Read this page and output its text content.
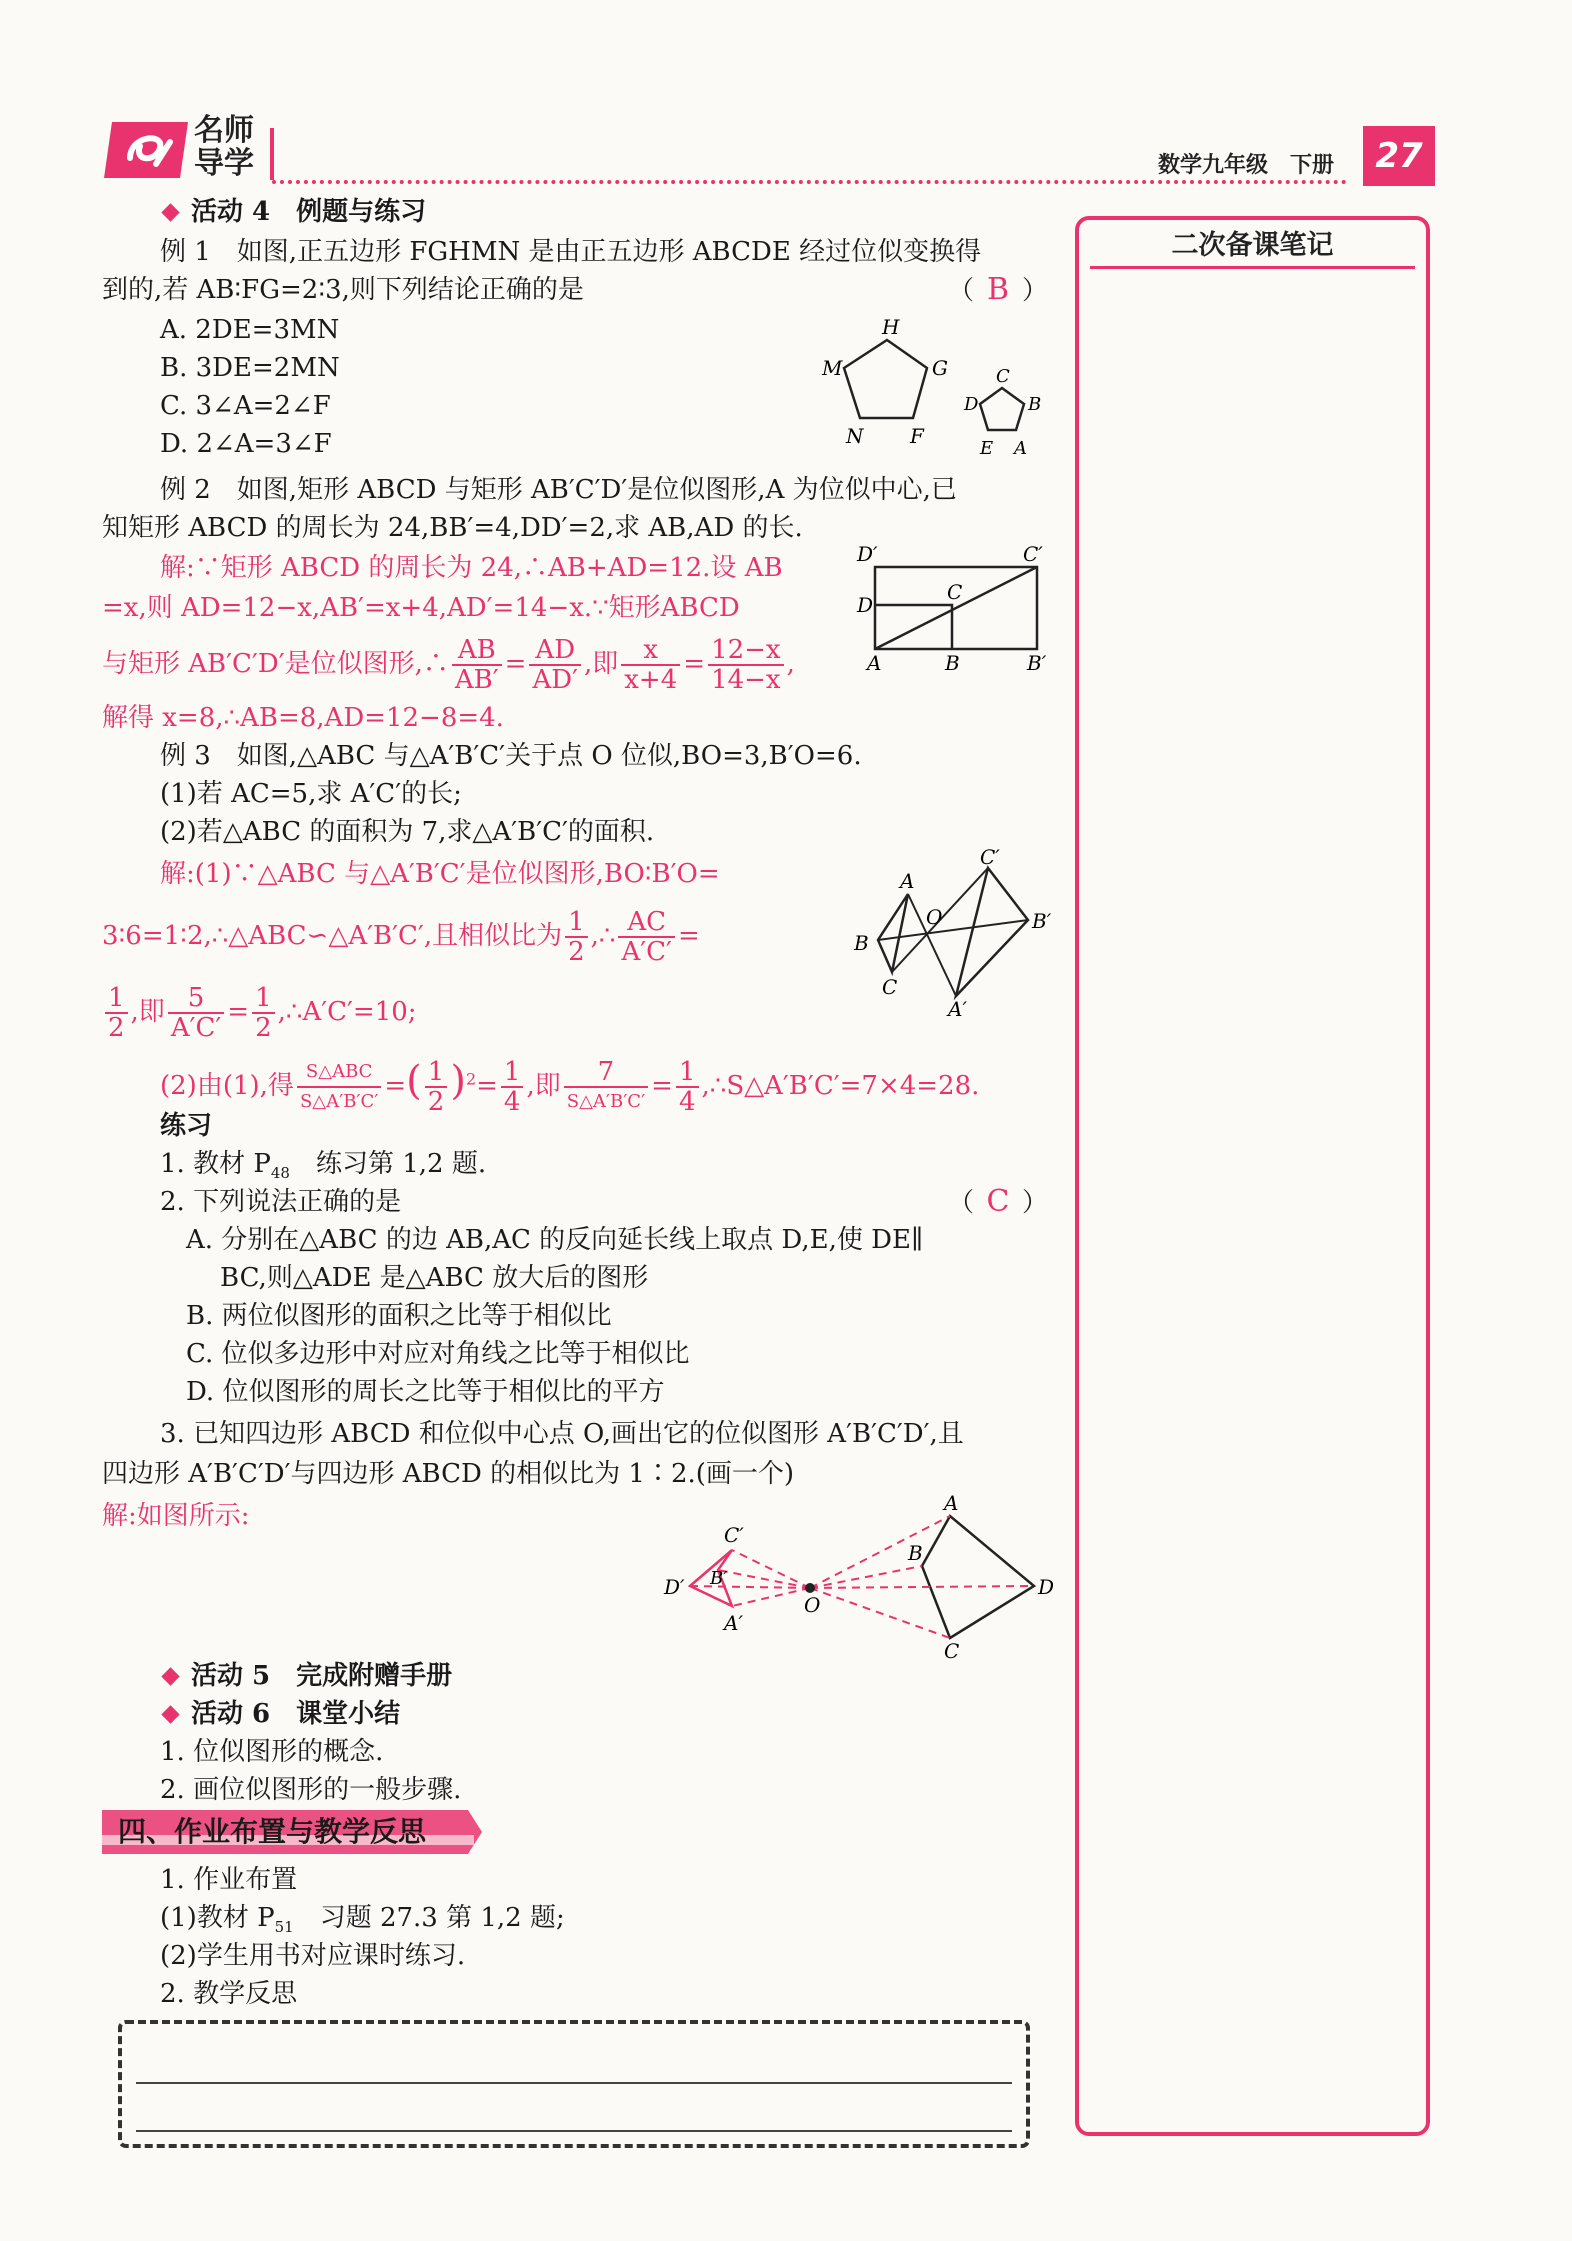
名师
导学	数学九年级　下册	27
二次备课笔记
活动 4　例题与练习
例 1　如图,正五边形 FGHMN 是由正五边形 ABCDE 经过位似变换得
到的,若 AB∶FG=2∶3,则下列结论正确的是	（ B ）
A. 2DE=3MN
B. 3DE=2MN
C. 3∠A=2∠F
D. 2∠A=3∠F
H
M	G
N F
C
D	B
E A
例 2　如图,矩形 ABCD 与矩形 AB′C′D′是位似图形,A 为位似中心,已
知矩形 ABCD 的周长为 24,BB′=4,DD′=2,求 AB,AD 的长.
解:∵矩形 ABCD 的周长为 24,∴AB+AD=12.设 AB
=x,则 AD=12−x,AB′=x+4,AD′=14−x.∵矩形ABCD
与矩形 AB′C′D′是位似图形,∴ $\frac{AB}{AB'} = \frac{AD}{AD'}$ ,即 $\frac{x}{x+4} = \frac{12-x}{14-x}$ ,
解得 x=8,∴AB=8,AD=12−8=4.
D′	C′
C
D
A	B	B′
例 3　如图,△ABC 与△A′B′C′关于点 O 位似,BO=3,B′O=6.
(1)若 AC=5,求 A′C′的长;
(2)若△ABC 的面积为 7,求△A′B′C′的面积.
解:(1)∵△ABC 与△A′B′C′是位似图形,BO∶B′O=
3∶6=1∶2,∴△ABC∽△A′B′C′,且相似比为 $\frac{1}{2}$ ,∴ $\frac{AC}{A'C'}$ =
$\frac{1}{2}$ ,即 $\frac{5}{A'C'} = \frac{1}{2}$ ,∴A′C′=10;
(2)由(1),得 $\frac{\text{S△ABC}}{S\triangle A'B'C'}$ =( $\frac{1}{2} )^2= \frac{1}{4}$ ,即 $\frac{7}{S\triangle A'B'C'} = \frac{1}{4}$ ,∴S△A′B′C′=7×4=28.
C′
A
O
B
B′
C
A′
练习
1. 教材 $P_{48}$　练习第 1,2 题.
2. 下列说法正确的是	（ C ）
A. 分别在△ABC 的边 AB,AC 的反向延长线上取点 D,E,使 DE∥
BC,则△ADE 是△ABC 放大后的图形
B. 两位似图形的面积之比等于相似比
C. 位似多边形中对应对角线之比等于相似比
D. 位似图形的周长之比等于相似比的平方
3. 已知四边形 ABCD 和位似中心点 O,画出它的位似图形 A′B′C′D′,且
四边形 A′B′C′D′与四边形 ABCD 的相似比为 1∶2.(画一个)
解:如图所示:	A
B
D
C
O
C′
D′ B′
A′
活动 5　完成附赠手册
活动 6　课堂小结
1. 位似图形的概念.
2. 画位似图形的一般步骤.
四、作业布置与教学反思
1. 作业布置
(1)教材 $P_{51}$　习题 27.3 第 1,2 题;
(2)学生用书对应课时练习.
2. 教学反思
